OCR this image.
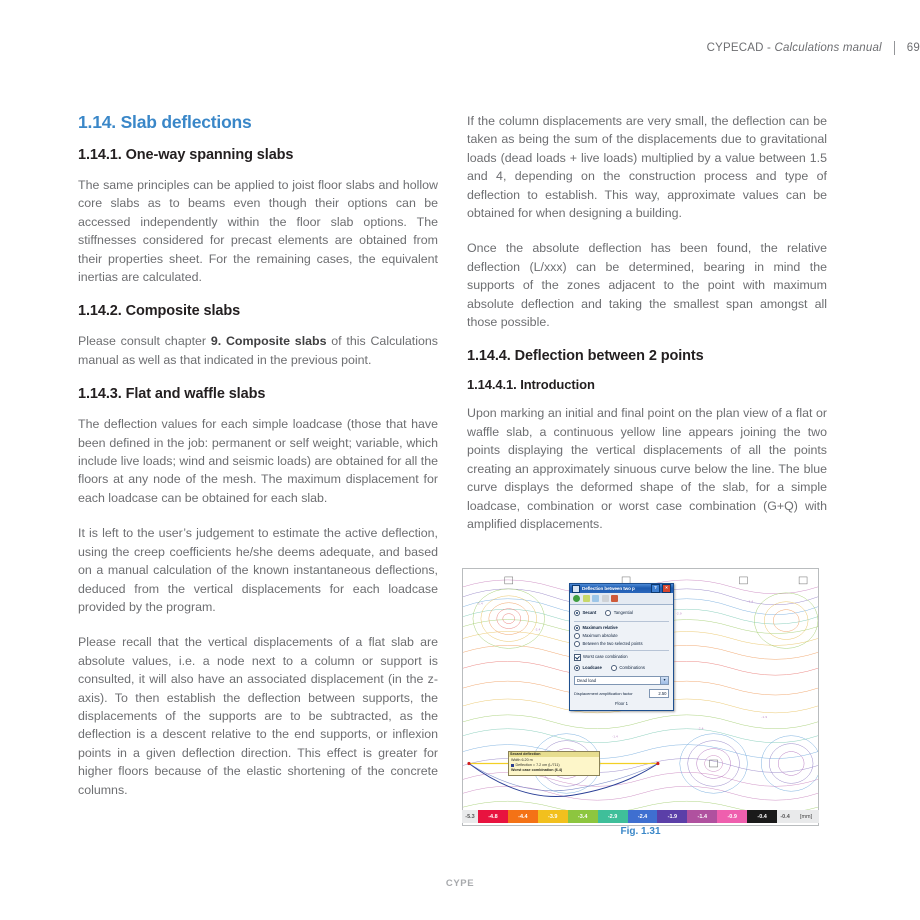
CYPECAD - Calculations manual 69
1.14. Slab deflections
1.14.1. One-way spanning slabs

The same principles can be applied to joist floor slabs and hollow core slabs as to beams even though their options can be accessed independently within the floor slab options. The stiffnesses considered for precast elements are obtained from their properties sheet. For the remaining cases, the equivalent inertias are calculated.

1.14.2. Composite slabs

Please consult chapter 9. Composite slabs of this Calculations manual as well as that indicated in the previous point.

1.14.3. Flat and waffle slabs

The deflection values for each simple loadcase (those that have been defined in the job: permanent or self weight; variable, which include live loads; wind and seismic loads) are obtained for all the floors at any node of the mesh. The maximum displacement for each loadcase can be obtained for each slab.

It is left to the user’s judgement to estimate the active deflection, using the creep coefficients he/she deems adequate, and based on a manual calculation of the known instantaneous deflections, deduced from the vertical displacements for each loadcase provided by the program.

Please recall that the vertical displacements of a flat slab are absolute values, i.e. a node next to a column or support is consulted, it will also have an associated displacement (in the z-axis). To then establish the deflection between supports, the displacements of the supports are to be subtracted, as the deflection is a descent relative to the end supports, or inflexion points in a given deflection direction. This effect is greater for higher floors because of the elastic shortening of the concrete columns.

If the column displacements are very small, the deflection can be taken as being the sum of the displacements due to gravitational loads (dead loads + live loads) multiplied by a value between 1.5 and 4, depending on the construction process and type of deflection to establish. This way, approximate values can be obtained for when designing a building.

Once the absolute deflection has been found, the relative deflection (L/xxx) can be determined, bearing in mind the supports of the zones adjacent to the point with maximum absolute deflection and taking the smallest span amongst all those possible.

1.14.4. Deflection between 2 points
1.14.4.1. Introduction

Upon marking an initial and final point on the plan view of a flat or waffle slab, a continuous yellow line appears joining the two points displaying the vertical displacements of all the points creating an approximately sinuous curve below the line. The blue curve displays the deformed shape of the slab, for a simple loadcase, combination or worst case combination (G+Q) with amplified displacements.

-1.4
-2.4
-2.9
-1.4
-1.4
-2.4
-1.9
Deflection between two p	?	×
Secant	Tangential
Maximum relative
Maximum absolute
Between the two selected points
Worst case combination
Loadcase	Combinations
Dead load	▼
Displacement amplification factor	2.50
Floor 1
Secant deflection
Width 6.20 m
Deflection = 7.2 cm (L/711)
Worst case combination (6.4)
-5.3	-4.8	-4.4	-3.9	-3.4	-2.9	-2.4	-1.9	-1.4	-0.9	-0.4	-0.4	[mm]
Fig. 1.31
CYPE
